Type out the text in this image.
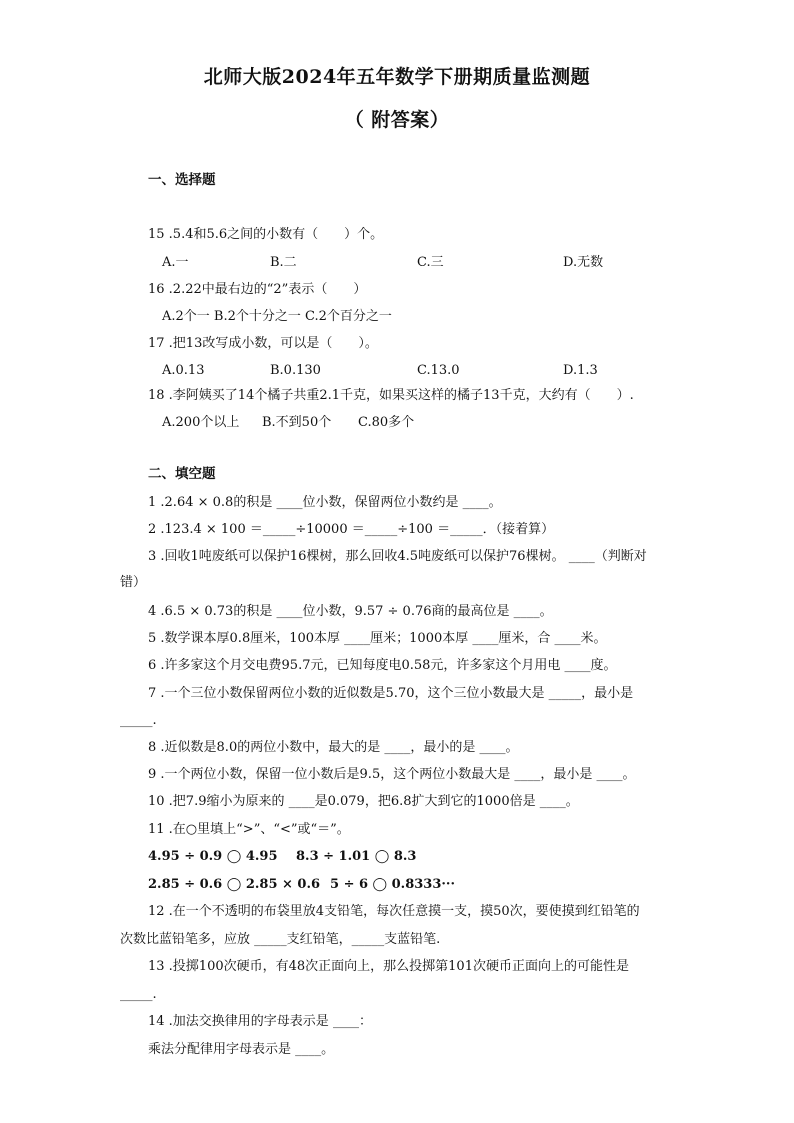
北师大版2024年五年数学下册期质量监测题
（ 附答案）
一、选择题
15 .5.4和5.6之间的小数有（　　）个。
A.一	B.二	C.三	D.无数
16 .2.22中最右边的“2”表示（　　）
A.2个一 B.2个十分之一 C.2个百分之一
17 .把13改写成小数，可以是（　　）。
A.0.13	B.0.130	C.13.0	D.1.3
18 .李阿姨买了14个橘子共重2.1千克，如果买这样的橘子13千克，大约有（　　）.
A.200个以上 B.不到50个 C.80多个
二、填空题
1 .2.64 × 0.8的积是 ____位小数，保留两位小数约是 ____。
2 .123.4 × 100 ＝_____÷10000 ＝_____÷100 ＝_____．（接着算）
3 .回收1吨废纸可以保护16棵树，那么回收4.5吨废纸可以保护76棵树。 ____（判断对
错）
4 .6.5 × 0.73的积是 ____位小数，9.57 ÷ 0.76商的最高位是 ____。
5 .数学课本厚0.8厘米，100本厚 ____厘米；1000本厚 ____厘米，合 ____米。
6 .许多家这个月交电费95.7元，已知每度电0.58元，许多家这个月用电 ____度。
7 .一个三位小数保留两位小数的近似数是5.70，这个三位小数最大是 _____，最小是
_____.
8 .近似数是8.0的两位小数中，最大的是 ____，最小的是 ____。
9 .一个两位小数，保留一位小数后是9.5，这个两位小数最大是 ____，最小是 ____。
10 .把7.9缩小为原来的 ____是0.079，把6.8扩大到它的1000倍是 ____。
11 .在○里填上“>”、“<”或“＝”。
4.95 ÷ 0.9 ◯ 4.95 8.3 ÷ 1.01 ◯ 8.3
2.85 ÷ 0.6 ◯ 2.85 × 0.6 5 ÷ 6 ◯ 0.8333···
12 .在一个不透明的布袋里放4支铅笔，每次任意摸一支，摸50次，要使摸到红铅笔的
次数比蓝铅笔多，应放 _____支红铅笔，_____支蓝铅笔.
13 .投掷100次硬币，有48次正面向上，那么投掷第101次硬币正面向上的可能性是
_____.
14 .加法交换律用的字母表示是 ____：
乘法分配律用字母表示是 ____。
